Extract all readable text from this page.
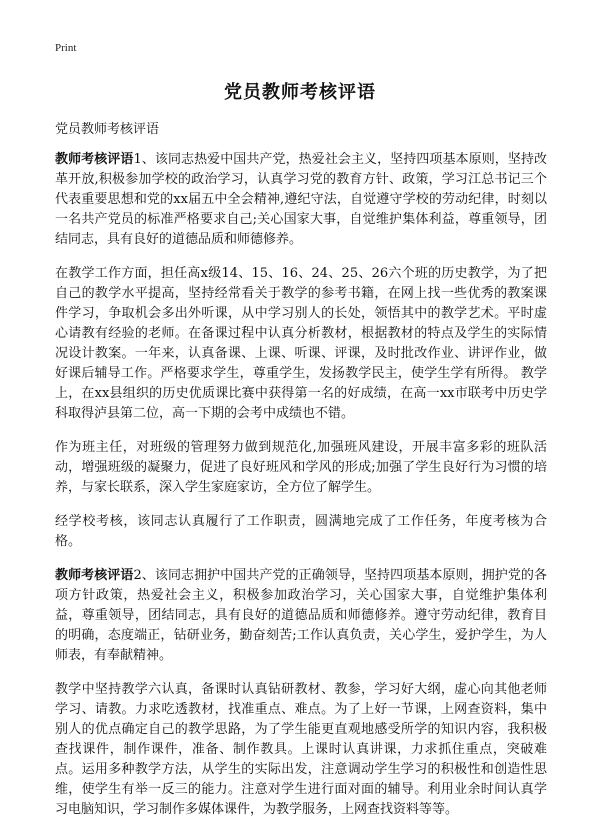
Print
党员教师考核评语
党员教师考核评语

教师考核评语1、该同志热爱中国共产党，热爱社会主义，坚持四项基本原则，坚持改革开放,积极参加学校的政治学习，认真学习党的教育方针、政策，学习江总书记三个代表重要思想和党的xx届五中全会精神,遵纪守法，自觉遵守学校的劳动纪律，时刻以一名共产党员的标准严格要求自己;关心国家大事，自觉维护集体利益，尊重领导，团结同志，具有良好的道德品质和师德修养。

在教学工作方面，担任高x级14、15、16、24、25、26六个班的历史教学，为了把自己的教学水平提高，坚持经常看关于教学的参考书籍，在网上找一些优秀的教案课件学习，争取机会多出外听课，从中学习别人的长处，领悟其中的教学艺术。平时虚心请教有经验的老师。在备课过程中认真分析教材，根据教材的特点及学生的实际情况设计教案。一年来，认真备课、上课、听课、评课，及时批改作业、讲评作业，做好课后辅导工作。严格要求学生，尊重学生，发扬教学民主，使学生学有所得。 教学上，在xx县组织的历史优质课比赛中获得第一名的好成绩，在高一xx市联考中历史学科取得泸县第二位，高一下期的会考中成绩也不错。

作为班主任，对班级的管理努力做到规范化,加强班风建设，开展丰富多彩的班队活动，增强班级的凝聚力，促进了良好班风和学风的形成;加强了学生良好行为习惯的培养，与家长联系，深入学生家庭家访，全方位了解学生。

经学校考核，该同志认真履行了工作职责，圆满地完成了工作任务，年度考核为合格。

教师考核评语2、该同志拥护中国共产党的正确领导，坚持四项基本原则，拥护党的各项方针政策，热爱社会主义，积极参加政治学习，关心国家大事，自觉维护集体利益，尊重领导，团结同志，具有良好的道德品质和师德修养。遵守劳动纪律，教育目的明确，态度端正，钻研业务，勤奋刻苦;工作认真负责，关心学生，爱护学生，为人师表，有奉献精神。

教学中坚持教学六认真，备课时认真钻研教材、教参，学习好大纲，虚心向其他老师学习、请教。力求吃透教材，找准重点、难点。为了上好一节课，上网查资料，集中别人的优点确定自己的教学思路，为了学生能更直观地感受所学的知识内容，我积极查找课件，制作课件，准备、制作教具。上课时认真讲课，力求抓住重点，突破难点。运用多种教学方法，从学生的实际出发，注意调动学生学习的积极性和创造性思维，使学生有举一反三的能力。注意对学生进行面对面的辅导。利用业余时间认真学习电脑知识，学习制作多媒体课件，为教学服务，上网查找资料等等。
